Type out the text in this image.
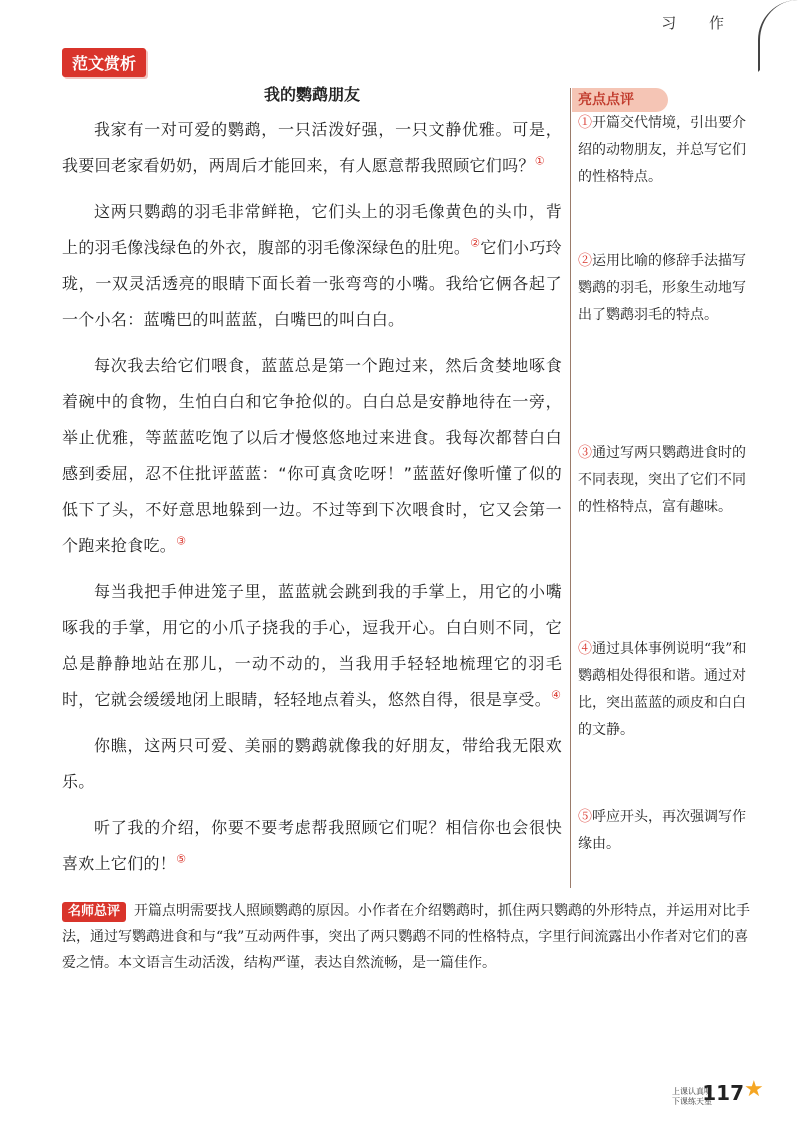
习 作
范文赏析
我的鹦鹉朋友

我家有一对可爱的鹦鹉，一只活泼好强，一只文静优雅。可是，我要回老家看奶奶，两周后才能回来，有人愿意帮我照顾它们吗？①

这两只鹦鹉的羽毛非常鲜艳，它们头上的羽毛像黄色的头巾，背上的羽毛像浅绿色的外衣，腹部的羽毛像深绿色的肚兜。②它们小巧玲珑，一双灵活透亮的眼睛下面长着一张弯弯的小嘴。我给它俩各起了一个小名：蓝嘴巴的叫蓝蓝，白嘴巴的叫白白。

每次我去给它们喂食，蓝蓝总是第一个跑过来，然后贪婪地啄食着碗中的食物，生怕白白和它争抢似的。白白总是安静地待在一旁，举止优雅，等蓝蓝吃饱了以后才慢悠悠地过来进食。我每次都替白白感到委屈，忍不住批评蓝蓝：“你可真贪吃呀！”蓝蓝好像听懂了似的低下了头，不好意思地躲到一边。不过等到下次喂食时，它又会第一个跑来抢食吃。③

每当我把手伸进笼子里，蓝蓝就会跳到我的手掌上，用它的小嘴啄我的手掌，用它的小爪子挠我的手心，逗我开心。白白则不同，它总是静静地站在那儿，一动不动的，当我用手轻轻地梳理它的羽毛时，它就会缓缓地闭上眼睛，轻轻地点着头，悠然自得，很是享受。④

你瞧，这两只可爱、美丽的鹦鹉就像我的好朋友，带给我无限欢乐。

听了我的介绍，你要不要考虑帮我照顾它们呢？相信你也会很快喜欢上它们的！⑤

亮点点评
①开篇交代情境，引出要介绍的动物朋友，并总写它们的性格特点。
②运用比喻的修辞手法描写鹦鹉的羽毛，形象生动地写出了鹦鹉羽毛的特点。
③通过写两只鹦鹉进食时的不同表现，突出了它们不同的性格特点，富有趣味。
④通过具体事例说明“我”和鹦鹉相处得很和谐。通过对比，突出蓝蓝的顽皮和白白的文静。
⑤呼应开头，再次强调写作缘由。
名师总评 开篇点明需要找人照顾鹦鹉的原因。小作者在介绍鹦鹉时，抓住两只鹦鹉的外形特点，并运用对比手法，通过写鹦鹉进食和与“我”互动两件事，突出了两只鹦鹉不同的性格特点，字里行间流露出小作者对它们的喜爱之情。本文语言生动活泼，结构严谨，表达自然流畅，是一篇佳作。
上课认真听
下课练天星
117 ★
